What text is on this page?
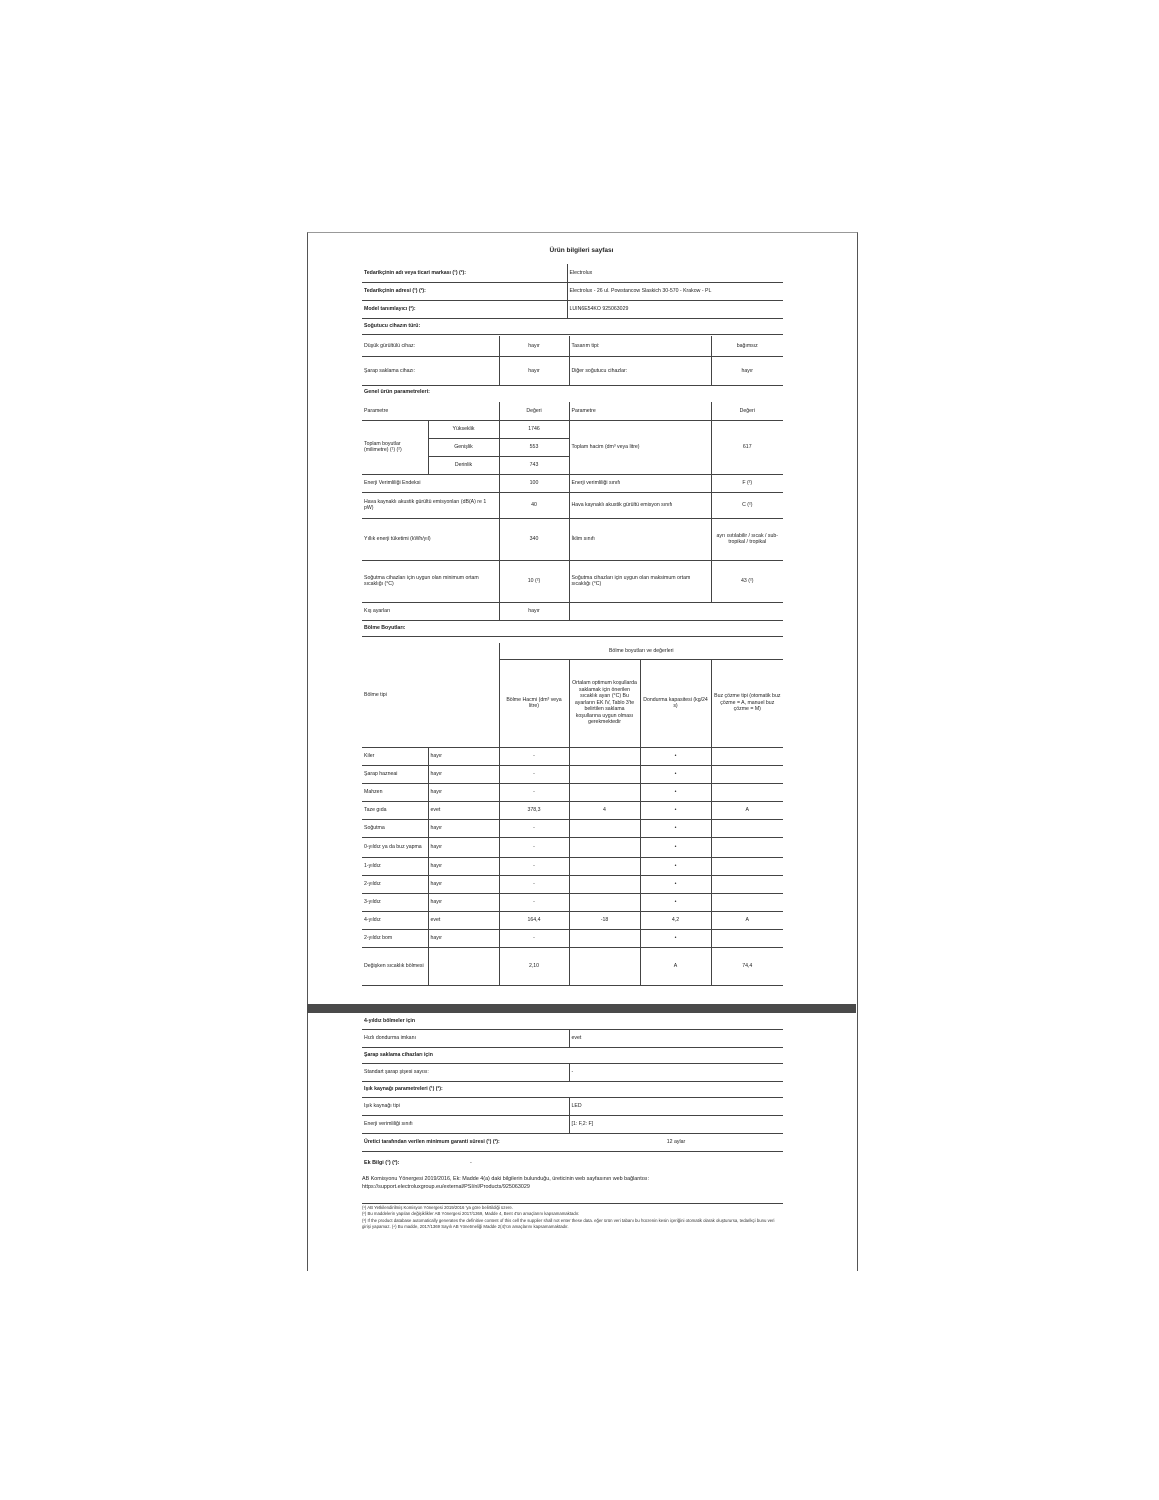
Ürün bilgileri sayfası
Tedarikçinin adı veya ticari markası (¹) (²):	Electrolux
Tedarikçinin adresi (¹) (²):	Electrolux - 26 ul. Powstancow Slaskich 30-570 - Krakow - PL
Model tanımlayıcı (²):	LUIN6E54KO 925063029
Soğutucu cihazın türü:	
Düşük gürültülü cihaz:	hayır	Tasarım tipi:	bağımsız
Şarap saklama cihazı:	hayır	Diğer soğutucu cihazlar:	hayır
Genel ürün parametreleri:
Parametre		Değeri	Parametre	Değeri
Toplam boyutlar (milimetre) (¹) (²)	Yükseklik	1746	Toplam hacim (dm³ veya litre)	617
	Genişlik	553		
	Derinlik	743		
Enerji Verimliliği Endeksi		100	Enerji verimliliği sınıfı	F (²)
Hava kaynaklı akustik gürültü emisyonları (dB(A) re 1 pW)		40	Hava kaynaklı akustik gürültü emisyon sınıfı	C (²)
Yıllık enerji tüketimi (kWh/yıl)		340	İklim sınıfı	ayrı ısıtılabilir / sıcak / sub-tropikal / tropikal
Soğutma cihazları için uygun olan minimum ortam sıcaklığı (°C)		10 (²)	Soğutma cihazları için uygun olan maksimum ortam sıcaklığı (°C)	43 (²)
Kış ayarları		hayır		
Bölme Boyutları:				
Bölme tipi		Bölme boyutları ve değerleri			
		Bölme Hacmi (dm³ veya litre)	Ortalam optimum koşullarda saklamak için önerilen sıcaklık ayarı (°C) Bu ayarların EK IV, Tablo 3'te belirtilen saklama koşullarına uygun olması gerekmektedir	Dondurma kapasitesi (kg/24 s)	Buz çözme tipi (otomatik buz çözme = A, manuel buz çözme = M)
Kiler	hayır	-		•	
Şarap hazneai	hayır	-		•	
Mahzen	hayır	-		•	
Taze gıda	evet	378,3	4	•	A
Soğutma	hayır	-		•	
0-yıldız ya da buz yapma	hayır	-		•	
1-yıldız	hayır	-		•	
2-yıldız	hayır	-		•	
3-yıldız	hayır	-		•	
4-yıldız	evet	164,4	-18	4,2	A
2-yıldız bom	hayır	-		•	
Değişken sıcaklık bölmesi		2,10		A	74,4
4-yıldız bölmeler için	
Hızlı dondurma imkanı	evet
Şarap saklama cihazları için	
Standart şarap şişesi sayısı:	-
Işık kaynağı parametreleri (¹) (²):	
Işık kaynağı tipi	LED
Enerji verimliliği sınıfı	[1: F,2: F]
Üretici tarafından verilen minimum garanti süresi (¹) (²):	12 aylar
Ek Bilgi (¹) (²):	-
AB Komisyonu Yönergesi 2019/2016, Ek: Madde 4(a) daki bilgilerin bulunduğu, üreticinin web sayfasının web bağlantısı: https://support.electroluxgroup.eu/external/PSI/nl/Products/925063029
(¹) AB Yetkilendirilmiş Komisyon Yönergesi 2019/2016 'ya göre belirtildiği üzere.
(²) Bu maddelerin yapılan değişiklikler AB Yönergesi 2017/1369, Madde 4, Bent 4'ün amaçlarını kapsamamaktadır.
(³) If the product database automatically generates the definitive content of this cell the supplier shall not enter these data. eğer ürün veri tabanı bu hücrenin kesin içeriğini otomatik olarak oluşturursa, tedarikçi bunu veri girişi yapamaz. (⁴) Bu madde, 2017/1369 Sayılı AB Yönetmeliği Madde 2(4)'ün amaçlarını kapsamamaktadır.
